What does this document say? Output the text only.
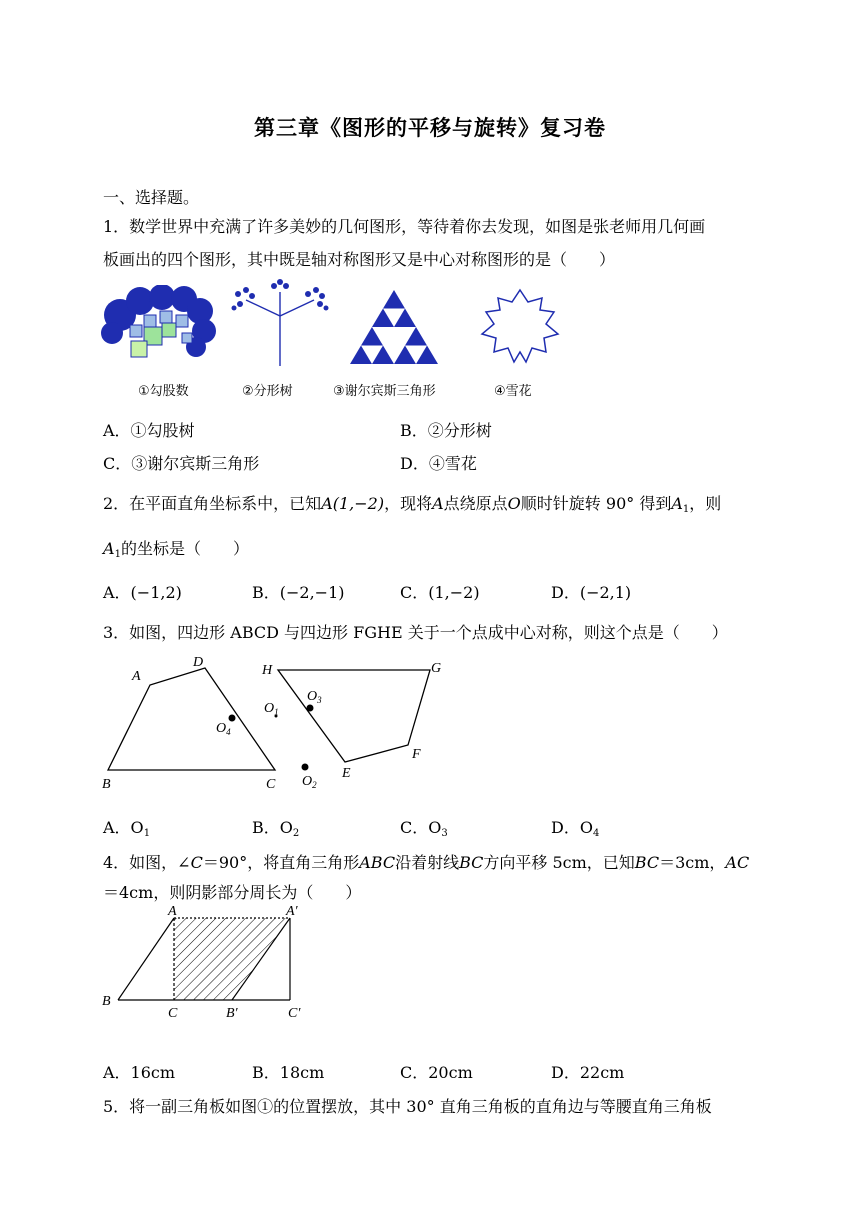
第三章《图形的平移与旋转》复习卷
一、选择题。
1．数学世界中充满了许多美妙的几何图形，等待着你去发现，如图是张老师用几何画
板画出的四个图形，其中既是轴对称图形又是中心对称图形的是（　　）
①勾股数	②分形树	③谢尔宾斯三角形	④雪花
A．①勾股树	B．②分形树
C．③谢尔宾斯三角形	D．④雪花
2．在平面直角坐标系中，已知A(1,−2)，现将A点绕原点O顺时针旋转 90° 得到$A_1$，则
$A_1$的坐标是（　　）
A．(−1,2)	B．(−2,−1)	C．(1,−2)	D．(−2,1)
3．如图，四边形 ABCD 与四边形 FGHE 关于一个点成中心对称，则这个点是（　　）
A
D
B	C
H	G
E
F
$O_1$
$O_2$
$O_3$
$O_4$
A．$O_1$	B．$O_2$	C．$O_3$	D．$O_4$
4．如图，∠C＝90°，将直角三角形ABC沿着射线BC方向平移 5cm，已知BC＝3cm，AC
＝4cm，则阴影部分周长为（　　）
A	A′
B
C	B′	C′
A．16cm	B．18cm	C．20cm	D．22cm
5．将一副三角板如图①的位置摆放，其中 30° 直角三角板的直角边与等腰直角三角板
